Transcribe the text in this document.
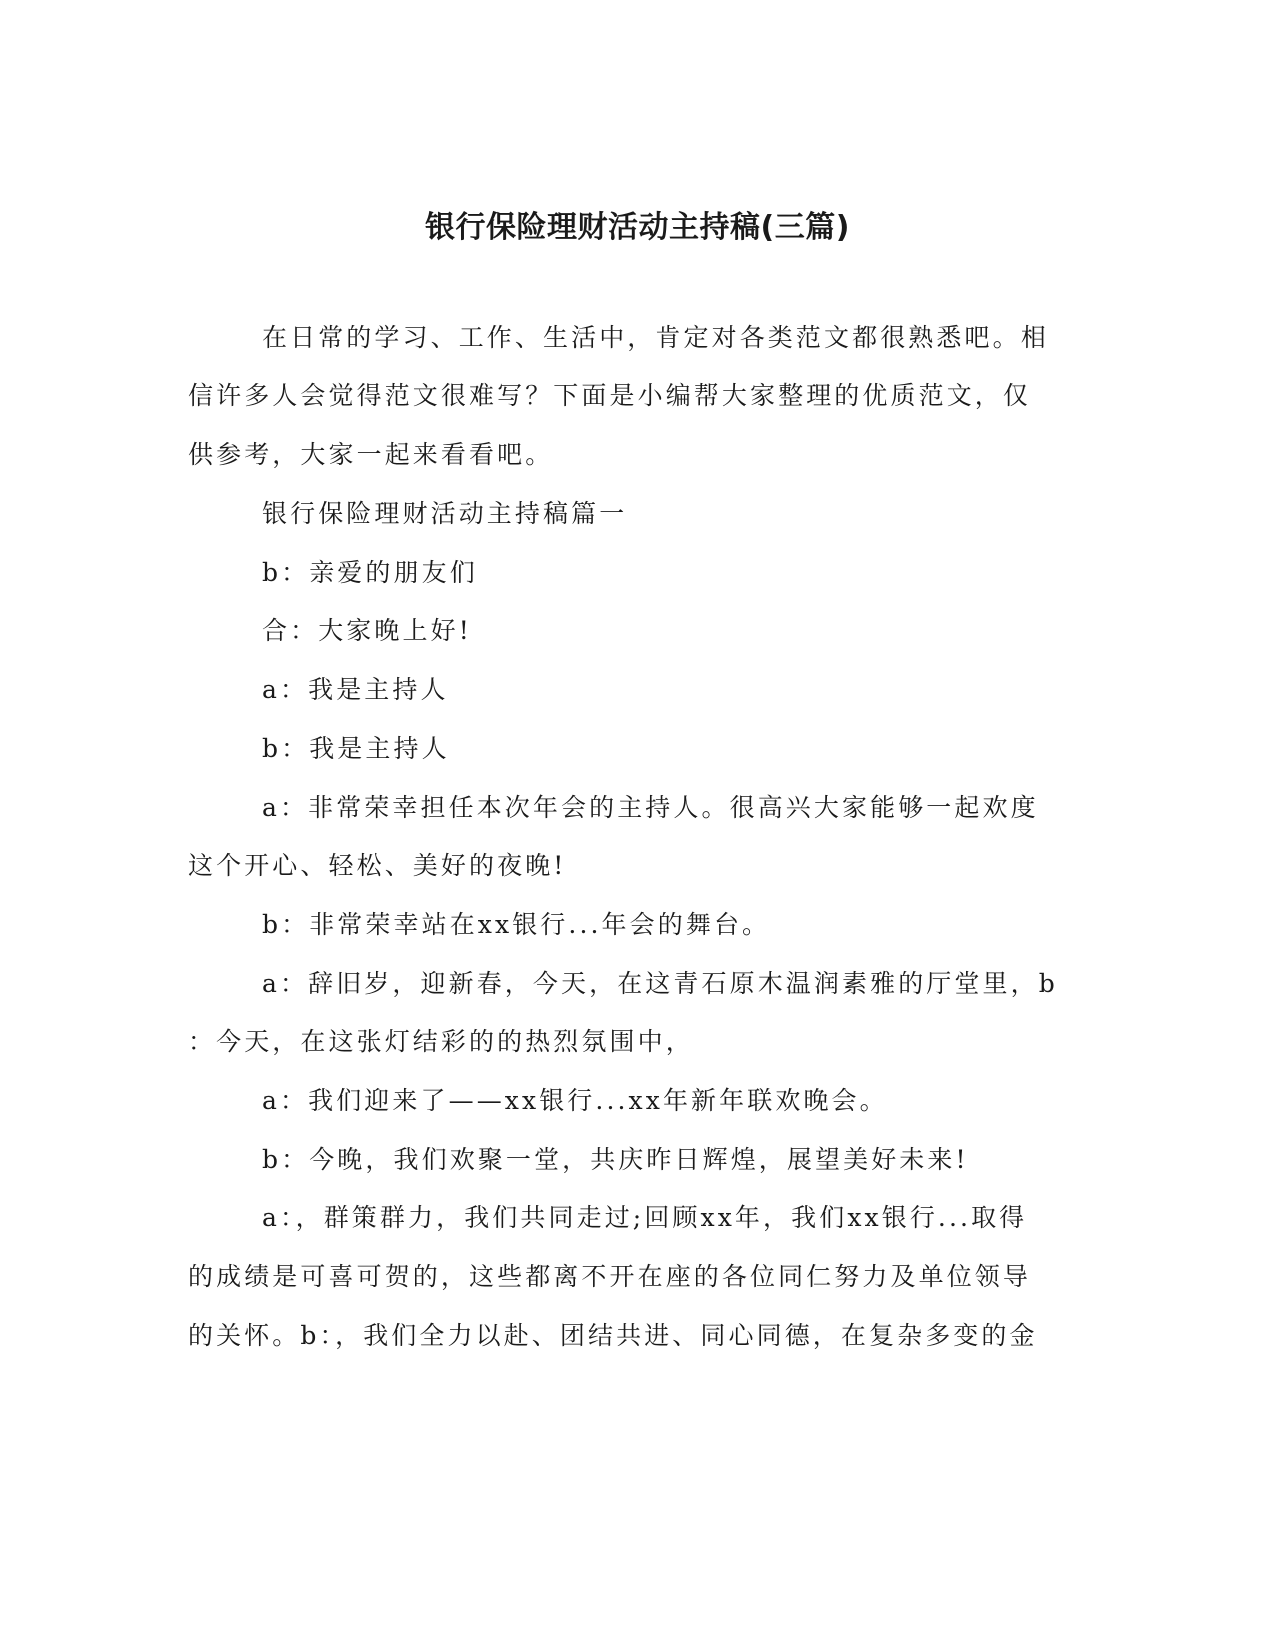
银行保险理财活动主持稿(三篇)

在日常的学习、工作、生活中，肯定对各类范文都很熟悉吧。相

信许多人会觉得范文很难写？下面是小编帮大家整理的优质范文，仅

供参考，大家一起来看看吧。

银行保险理财活动主持稿篇一

b：亲爱的朋友们

合：大家晚上好!

a：我是主持人

b：我是主持人

a：非常荣幸担任本次年会的主持人。很高兴大家能够一起欢度

这个开心、轻松、美好的夜晚!

b：非常荣幸站在xx银行...年会的舞台。

a：辞旧岁，迎新春，今天，在这青石原木温润素雅的厅堂里，b

：今天，在这张灯结彩的的热烈氛围中，

a：我们迎来了——xx银行...xx年新年联欢晚会。

b：今晚，我们欢聚一堂，共庆昨日辉煌，展望美好未来!

a：，群策群力，我们共同走过;回顾xx年，我们xx银行...取得

的成绩是可喜可贺的，这些都离不开在座的各位同仁努力及单位领导

的关怀。b：，我们全力以赴、团结共进、同心同德，在复杂多变的金
